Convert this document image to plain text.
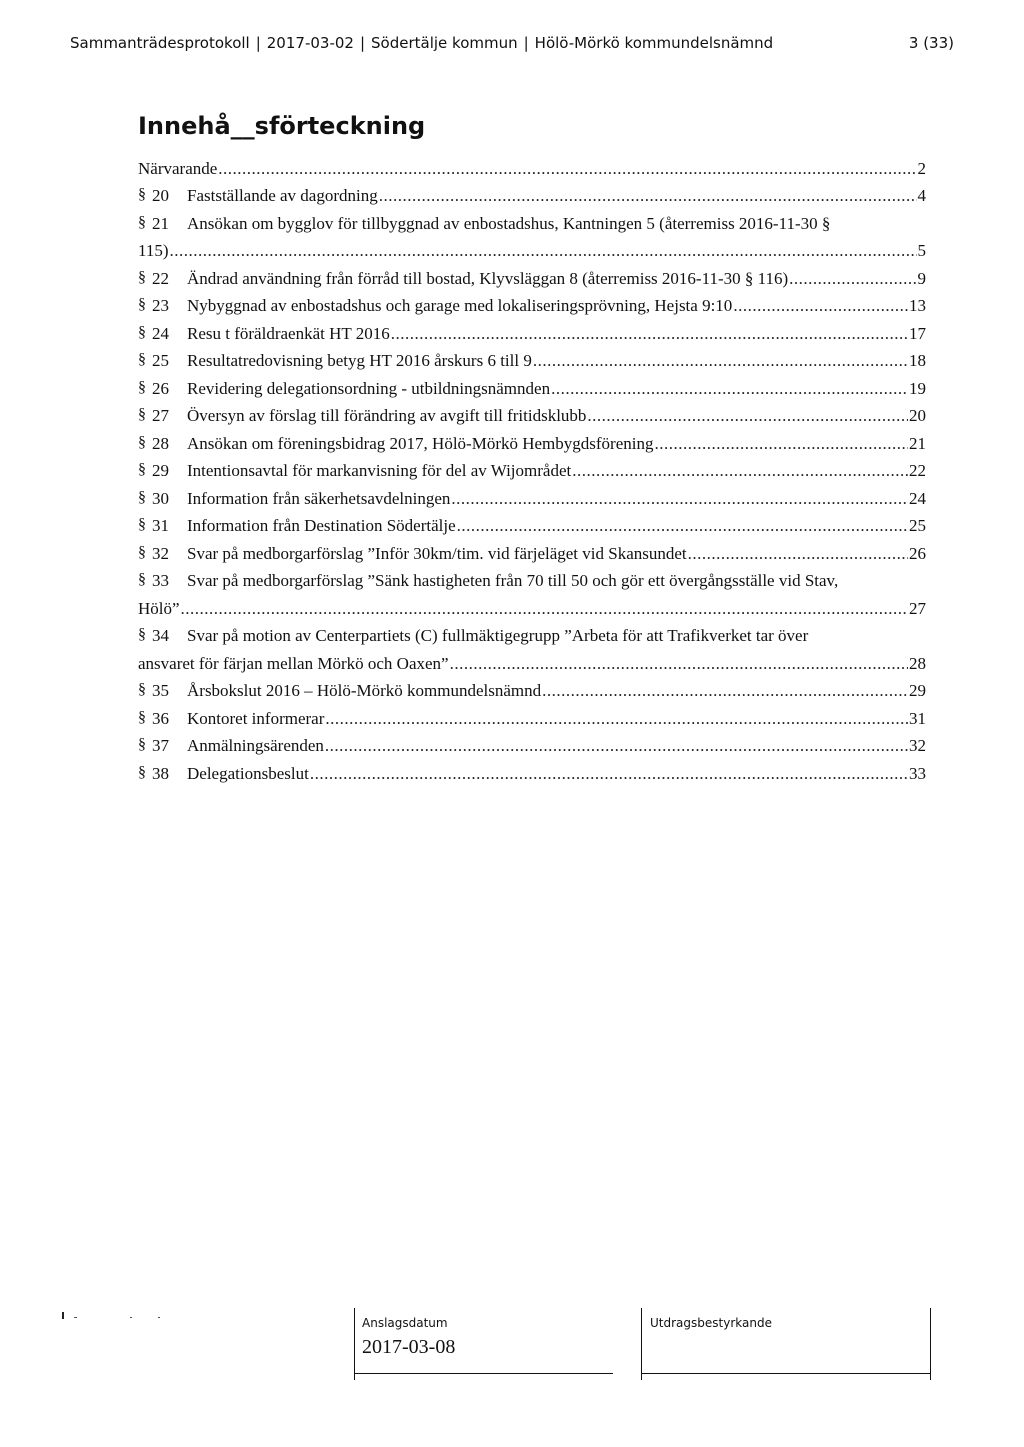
Sammanträdesprotokoll | 2017-03-02 | Södertälje kommun | Hölö-Mörkö kommundelsnämnd	3 (33)
Innehå__sförteckning
Närvarande .....	2
§ 20	Fastställande av dagordning .....	4
§ 21	Ansökan om bygglov för tillbyggnad av enbostadshus, Kantningen 5 (återremiss 2016-11-30 §
115) .....	5
§ 22	Ändrad användning från förråd till bostad, Klyvsläggan 8 (återremiss 2016-11-30 § 116) .....	9
§ 23	Nybyggnad av enbostadshus och garage med lokaliseringsprövning, Hejsta 9:10 .....	13
§ 24	Resu t föräldraenkät HT 2016 .....	17
§ 25	Resultatredovisning betyg HT 2016 årskurs 6 till 9 .....	18
§ 26	Revidering delegationsordning - utbildningsnämnden .....	19
§ 27	Översyn av förslag till förändring av avgift till fritidsklubb .....	20
§ 28	Ansökan om föreningsbidrag 2017, Hölö-Mörkö Hembygdsförening .....	21
§ 29	Intentionsavtal för markanvisning för del av Wijområdet .....	22
§ 30	Information från säkerhetsavdelningen .....	24
§ 31	Information från Destination Södertälje .....	25
§ 32	Svar på medborgarförslag ”Inför 30km/tim. vid färjeläget vid Skansundet .....	26
§ 33	Svar på medborgarförslag ”Sänk hastigheten från 70 till 50 och gör ett övergångsställe vid Stav,
Hölö” .....	27
§ 34	Svar på motion av Centerpartiets (C) fullmäktigegrupp ”Arbeta för att Trafikverket tar över
ansvaret för färjan mellan Mörkö och Oaxen” .....	28
§ 35	Årsbokslut 2016 – Hölö-Mörkö kommundelsnämnd .....	29
§ 36	Kontoret informerar .....	31
§ 37	Anmälningsärenden .....	32
§ 38	Delegationsbeslut .....	33
Anslagsdatum
2017-03-08
Utdragsbestyrkande
